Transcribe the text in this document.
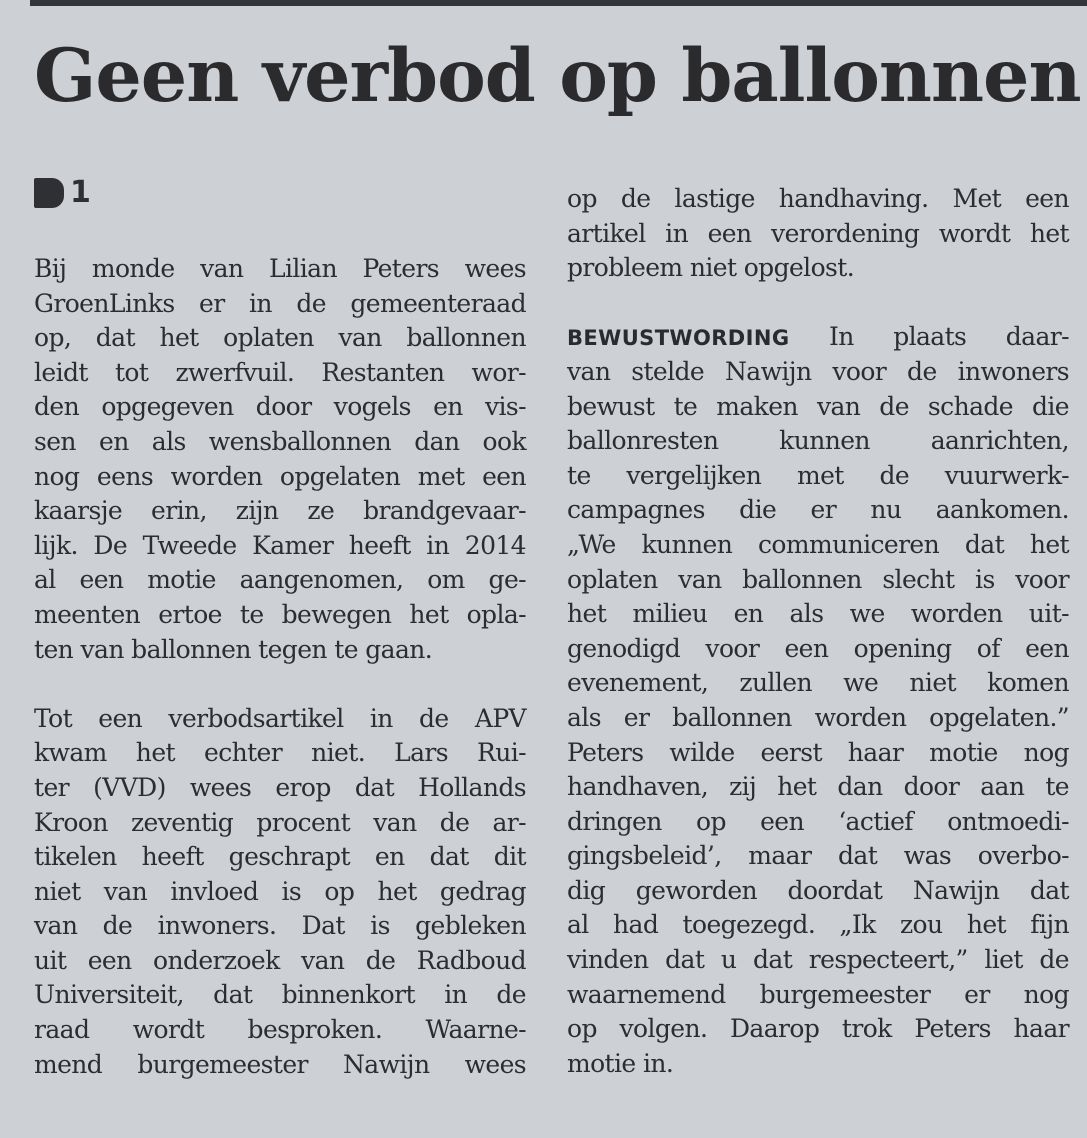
Geen verbod op ballonnen
1
Bij monde van Lilian Peters wees
GroenLinks er in de gemeenteraad
op, dat het oplaten van ballonnen
leidt tot zwerfvuil. Restanten wor-
den opgegeven door vogels en vis-
sen en als wensballonnen dan ook
nog eens worden opgelaten met een
kaarsje erin, zijn ze brandgevaar-
lijk. De Tweede Kamer heeft in 2014
al een motie aangenomen, om ge-
meenten ertoe te bewegen het opla-
ten van ballonnen tegen te gaan.
Tot een verbodsartikel in de APV
kwam het echter niet. Lars Rui-
ter (VVD) wees erop dat Hollands
Kroon zeventig procent van de ar-
tikelen heeft geschrapt en dat dit
niet van invloed is op het gedrag
van de inwoners. Dat is gebleken
uit een onderzoek van de Radboud
Universiteit, dat binnenkort in de
raad wordt besproken. Waarne-
mend burgemeester Nawijn wees
op de lastige handhaving. Met een
artikel in een verordening wordt het
probleem niet opgelost.
BEWUSTWORDING In plaats daar-
van stelde Nawijn voor de inwoners
bewust te maken van de schade die
ballonresten kunnen aanrichten,
te vergelijken met de vuurwerk-
campagnes die er nu aankomen.
„We kunnen communiceren dat het
oplaten van ballonnen slecht is voor
het milieu en als we worden uit-
genodigd voor een opening of een
evenement, zullen we niet komen
als er ballonnen worden opgelaten.”
Peters wilde eerst haar motie nog
handhaven, zij het dan door aan te
dringen op een ‘actief ontmoedi-
gingsbeleid’, maar dat was overbo-
dig geworden doordat Nawijn dat
al had toegezegd. „Ik zou het fijn
vinden dat u dat respecteert,” liet de
waarnemend burgemeester er nog
op volgen. Daarop trok Peters haar
motie in.
